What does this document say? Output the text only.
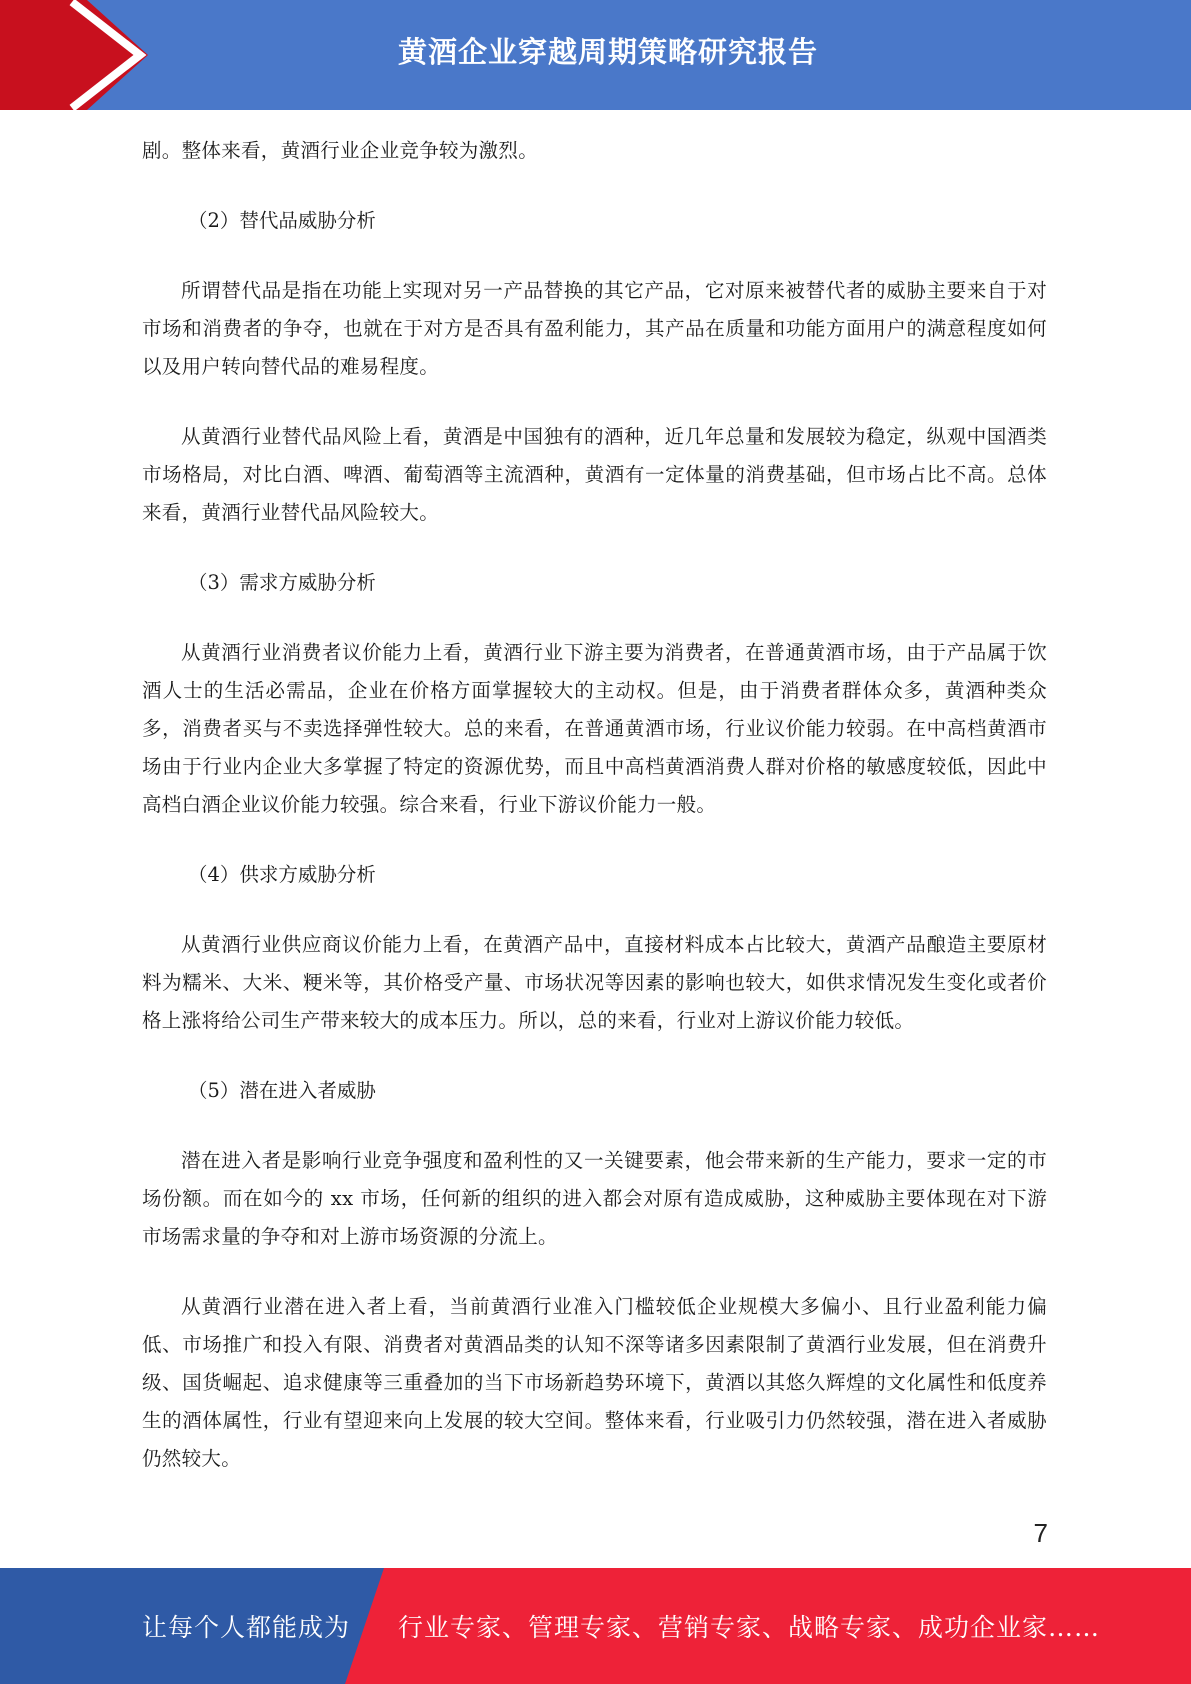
黄酒企业穿越周期策略研究报告

剧。整体来看，黄酒行业企业竞争较为激烈。

（2）替代品威胁分析

所谓替代品是指在功能上实现对另一产品替换的其它产品，它对原来被替代者的威胁主要来自于对市场和消费者的争夺，也就在于对方是否具有盈利能力，其产品在质量和功能方面用户的满意程度如何以及用户转向替代品的难易程度。

从黄酒行业替代品风险上看，黄酒是中国独有的酒种，近几年总量和发展较为稳定，纵观中国酒类市场格局，对比白酒、啤酒、葡萄酒等主流酒种，黄酒有一定体量的消费基础，但市场占比不高。总体来看，黄酒行业替代品风险较大。

（3）需求方威胁分析

从黄酒行业消费者议价能力上看，黄酒行业下游主要为消费者，在普通黄酒市场，由于产品属于饮酒人士的生活必需品，企业在价格方面掌握较大的主动权。但是，由于消费者群体众多，黄酒种类众多，消费者买与不卖选择弹性较大。总的来看，在普通黄酒市场，行业议价能力较弱。在中高档黄酒市场由于行业内企业大多掌握了特定的资源优势，而且中高档黄酒消费人群对价格的敏感度较低，因此中高档白酒企业议价能力较强。综合来看，行业下游议价能力一般。

（4）供求方威胁分析

从黄酒行业供应商议价能力上看，在黄酒产品中，直接材料成本占比较大，黄酒产品酿造主要原材料为糯米、大米、粳米等，其价格受产量、市场状况等因素的影响也较大，如供求情况发生变化或者价格上涨将给公司生产带来较大的成本压力。所以，总的来看，行业对上游议价能力较低。

（5）潜在进入者威胁

潜在进入者是影响行业竞争强度和盈利性的又一关键要素，他会带来新的生产能力，要求一定的市场份额。而在如今的 xx 市场，任何新的组织的进入都会对原有造成威胁，这种威胁主要体现在对下游市场需求量的争夺和对上游市场资源的分流上。

从黄酒行业潜在进入者上看，当前黄酒行业准入门槛较低企业规模大多偏小、且行业盈利能力偏低、市场推广和投入有限、消费者对黄酒品类的认知不深等诸多因素限制了黄酒行业发展，但在消费升级、国货崛起、追求健康等三重叠加的当下市场新趋势环境下，黄酒以其悠久辉煌的文化属性和低度养生的酒体属性，行业有望迎来向上发展的较大空间。整体来看，行业吸引力仍然较强，潜在进入者威胁仍然较大。

7
让每个人都能成为 行业专家、管理专家、营销专家、战略专家、成功企业家……
